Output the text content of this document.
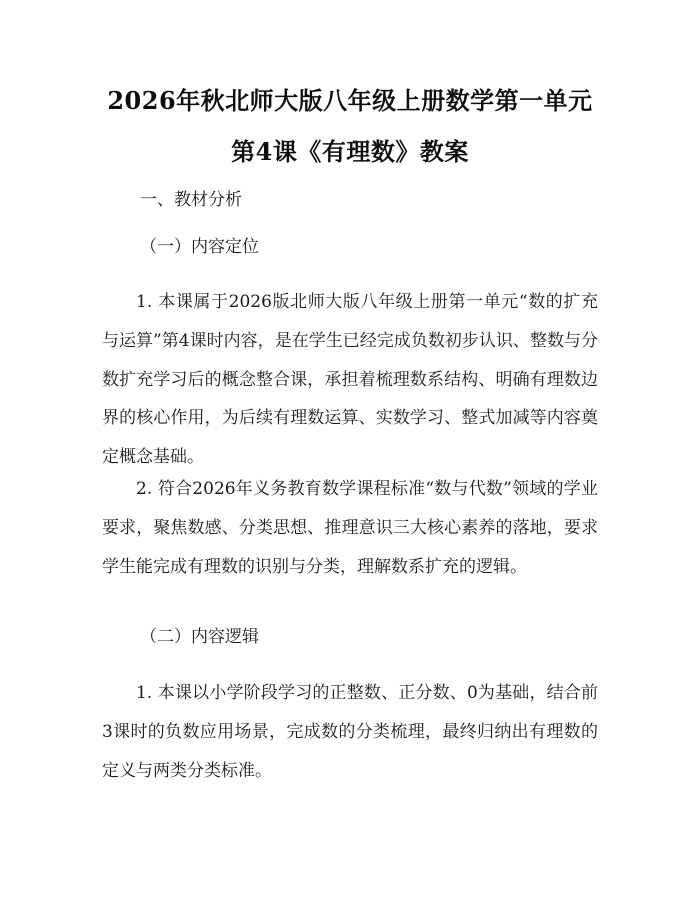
2026年秋北师大版八年级上册数学第一单元
第4课《有理数》教案
一、教材分析
（一）内容定位

1. 本课属于2026版北师大版八年级上册第一单元“数的扩充与运算”第4课时内容，是在学生已经完成负数初步认识、整数与分数扩充学习后的概念整合课，承担着梳理数系结构、明确有理数边界的核心作用，为后续有理数运算、实数学习、整式加减等内容奠定概念基础。

2. 符合2026年义务教育数学课程标准“数与代数”领域的学业要求，聚焦数感、分类思想、推理意识三大核心素养的落地，要求学生能完成有理数的识别与分类，理解数系扩充的逻辑。

（二）内容逻辑

1. 本课以小学阶段学习的正整数、正分数、0为基础，结合前3课时的负数应用场景，完成数的分类梳理，最终归纳出有理数的定义与两类分类标准。
